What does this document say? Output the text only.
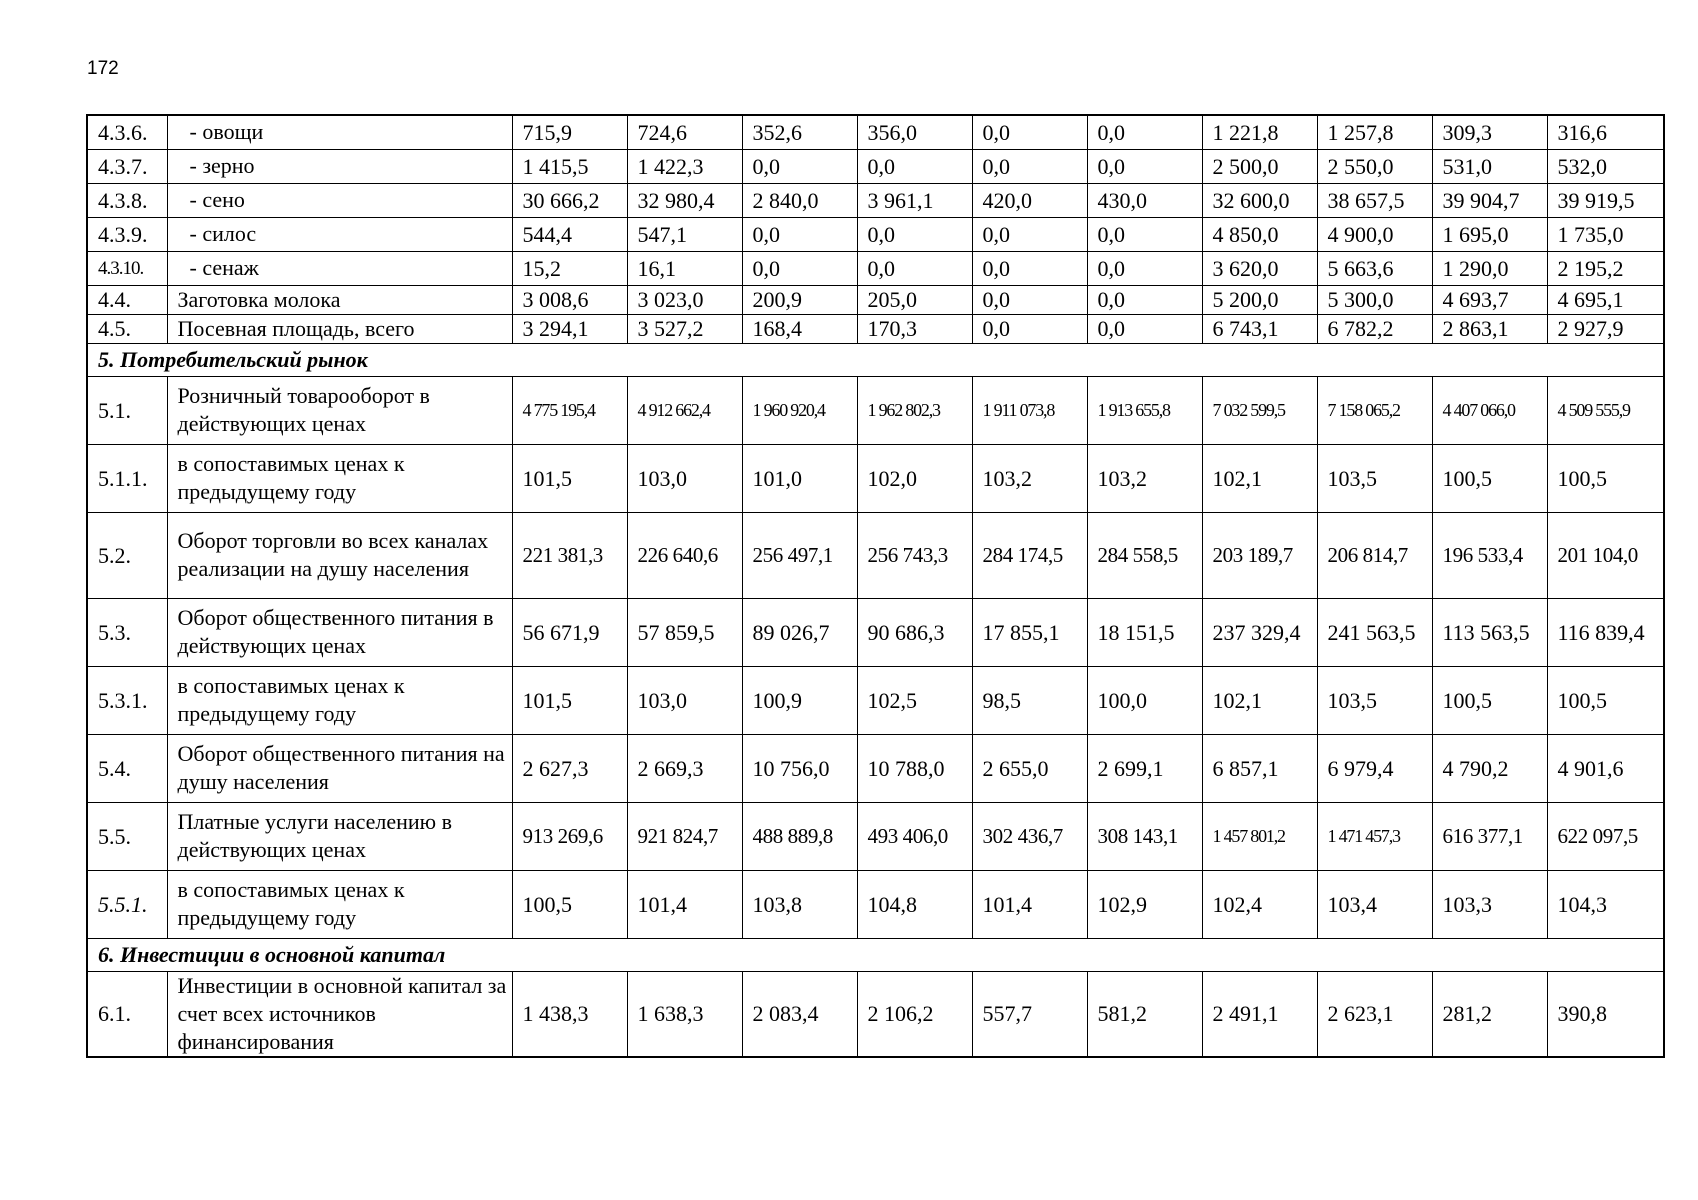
172
4.3.6.	- овощи	715,9	724,6	352,6	356,0	0,0	0,0	1 221,8	1 257,8	309,3	316,6
4.3.7.	- зерно	1 415,5	1 422,3	0,0	0,0	0,0	0,0	2 500,0	2 550,0	531,0	532,0
4.3.8.	- сено	30 666,2	32 980,4	2 840,0	3 961,1	420,0	430,0	32 600,0	38 657,5	39 904,7	39 919,5
4.3.9.	- силос	544,4	547,1	0,0	0,0	0,0	0,0	4 850,0	4 900,0	1 695,0	1 735,0
4.3.10.	- сенаж	15,2	16,1	0,0	0,0	0,0	0,0	3 620,0	5 663,6	1 290,0	2 195,2
4.4.	Заготовка молока	3 008,6	3 023,0	200,9	205,0	0,0	0,0	5 200,0	5 300,0	4 693,7	4 695,1
4.5.	Посевная площадь, всего	3 294,1	3 527,2	168,4	170,3	0,0	0,0	6 743,1	6 782,2	2 863,1	2 927,9
5. Потребительский рынок											
5.1.	Розничный товарооборот в действующих ценах	4 775 195,4	4 912 662,4	1 960 920,4	1 962 802,3	1 911 073,8	1 913 655,8	7 032 599,5	7 158 065,2	4 407 066,0	4 509 555,9
5.1.1.	в сопоставимых ценах к предыдущему году	101,5	103,0	101,0	102,0	103,2	103,2	102,1	103,5	100,5	100,5
5.2.	Оборот торговли во всех каналах реализации на душу населения	221 381,3	226 640,6	256 497,1	256 743,3	284 174,5	284 558,5	203 189,7	206 814,7	196 533,4	201 104,0
5.3.	Оборот общественного питания в действующих ценах	56 671,9	57 859,5	89 026,7	90 686,3	17 855,1	18 151,5	237 329,4	241 563,5	113 563,5	116 839,4
5.3.1.	в сопоставимых ценах к предыдущему году	101,5	103,0	100,9	102,5	98,5	100,0	102,1	103,5	100,5	100,5
5.4.	Оборот общественного питания на душу населения	2 627,3	2 669,3	10 756,0	10 788,0	2 655,0	2 699,1	6 857,1	6 979,4	4 790,2	4 901,6
5.5.	Платные услуги населению в действующих ценах	913 269,6	921 824,7	488 889,8	493 406,0	302 436,7	308 143,1	1 457 801,2	1 471 457,3	616 377,1	622 097,5
5.5.1.	в сопоставимых ценах к предыдущему году	100,5	101,4	103,8	104,8	101,4	102,9	102,4	103,4	103,3	104,3
6. Инвестиции в основной капитал											
6.1.	Инвестиции в основной капитал за счет всех источников финансирования	1 438,3	1 638,3	2 083,4	2 106,2	557,7	581,2	2 491,1	2 623,1	281,2	390,8
